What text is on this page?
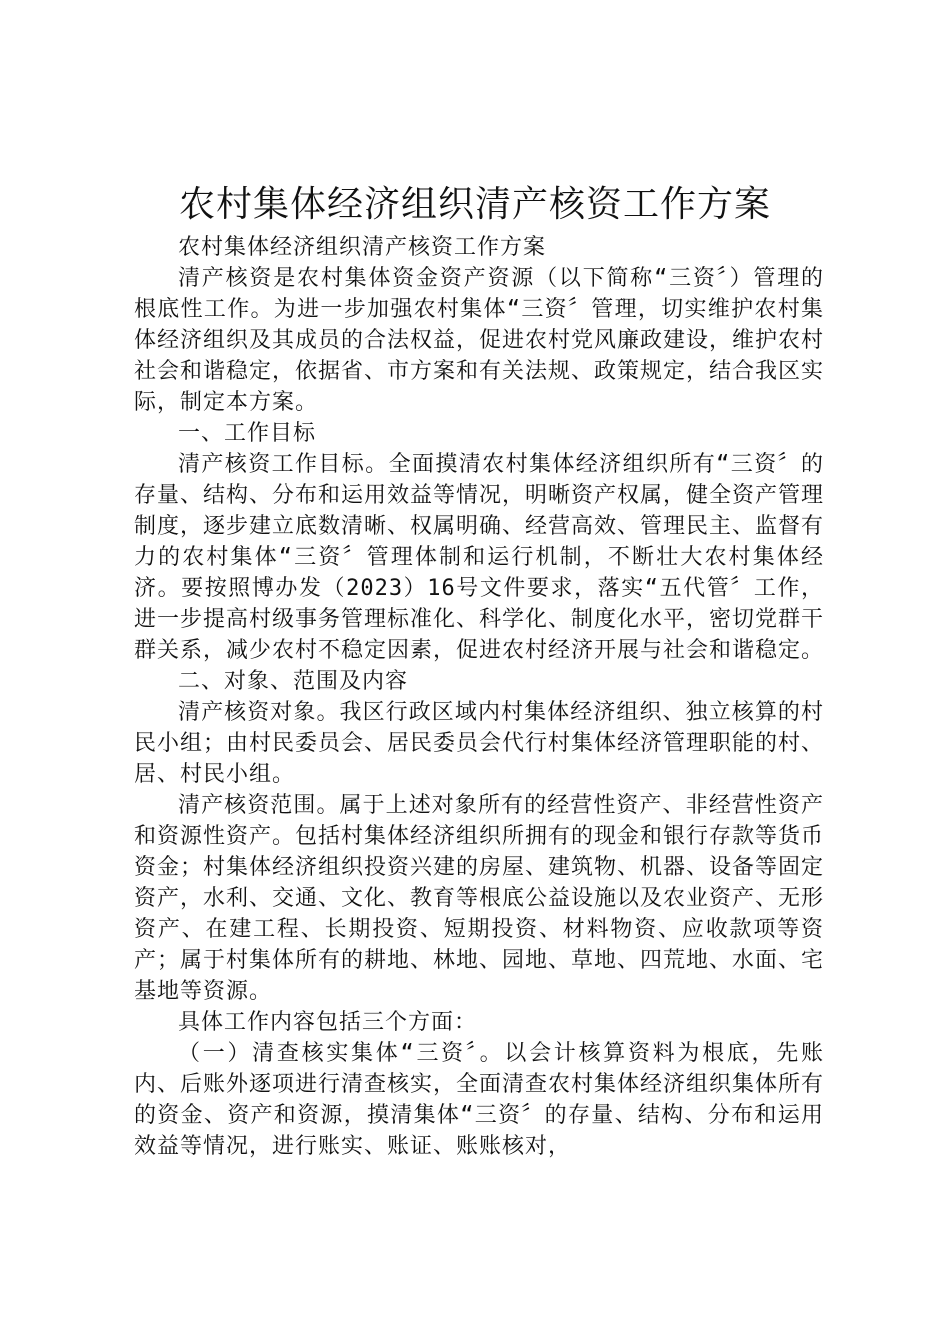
农村集体经济组织清产核资工作方案

农村集体经济组织清产核资工作方案

清产核资是农村集体资金资产资源（以下简称“三资〞）管理的根底性工作。为进一步加强农村集体“三资〞管理，切实维护农村集体经济组织及其成员的合法权益，促进农村党风廉政建设，维护农村社会和谐稳定，依据省、市方案和有关法规、政策规定，结合我区实际，制定本方案。

一、工作目标

清产核资工作目标。全面摸清农村集体经济组织所有“三资〞的存量、结构、分布和运用效益等情况，明晰资产权属，健全资产管理制度，逐步建立底数清晰、权属明确、经营高效、管理民主、监督有力的农村集体“三资〞管理体制和运行机制，不断壮大农村集体经济。要按照博办发（2023）16号文件要求，落实“五代管〞工作，进一步提高村级事务管理标准化、科学化、制度化水平，密切党群干群关系，减少农村不稳定因素，促进农村经济开展与社会和谐稳定。

二、对象、范围及内容

清产核资对象。我区行政区域内村集体经济组织、独立核算的村民小组；由村民委员会、居民委员会代行村集体经济管理职能的村、居、村民小组。

清产核资范围。属于上述对象所有的经营性资产、非经营性资产和资源性资产。包括村集体经济组织所拥有的现金和银行存款等货币资金；村集体经济组织投资兴建的房屋、建筑物、机器、设备等固定资产，水利、交通、文化、教育等根底公益设施以及农业资产、无形资产、在建工程、长期投资、短期投资、材料物资、应收款项等资产；属于村集体所有的耕地、林地、园地、草地、四荒地、水面、宅基地等资源。

具体工作内容包括三个方面：

（一）清查核实集体“三资〞。以会计核算资料为根底，先账内、后账外逐项进行清查核实，全面清查农村集体经济组织集体所有的资金、资产和资源，摸清集体“三资〞的存量、结构、分布和运用效益等情况，进行账实、账证、账账核对，
